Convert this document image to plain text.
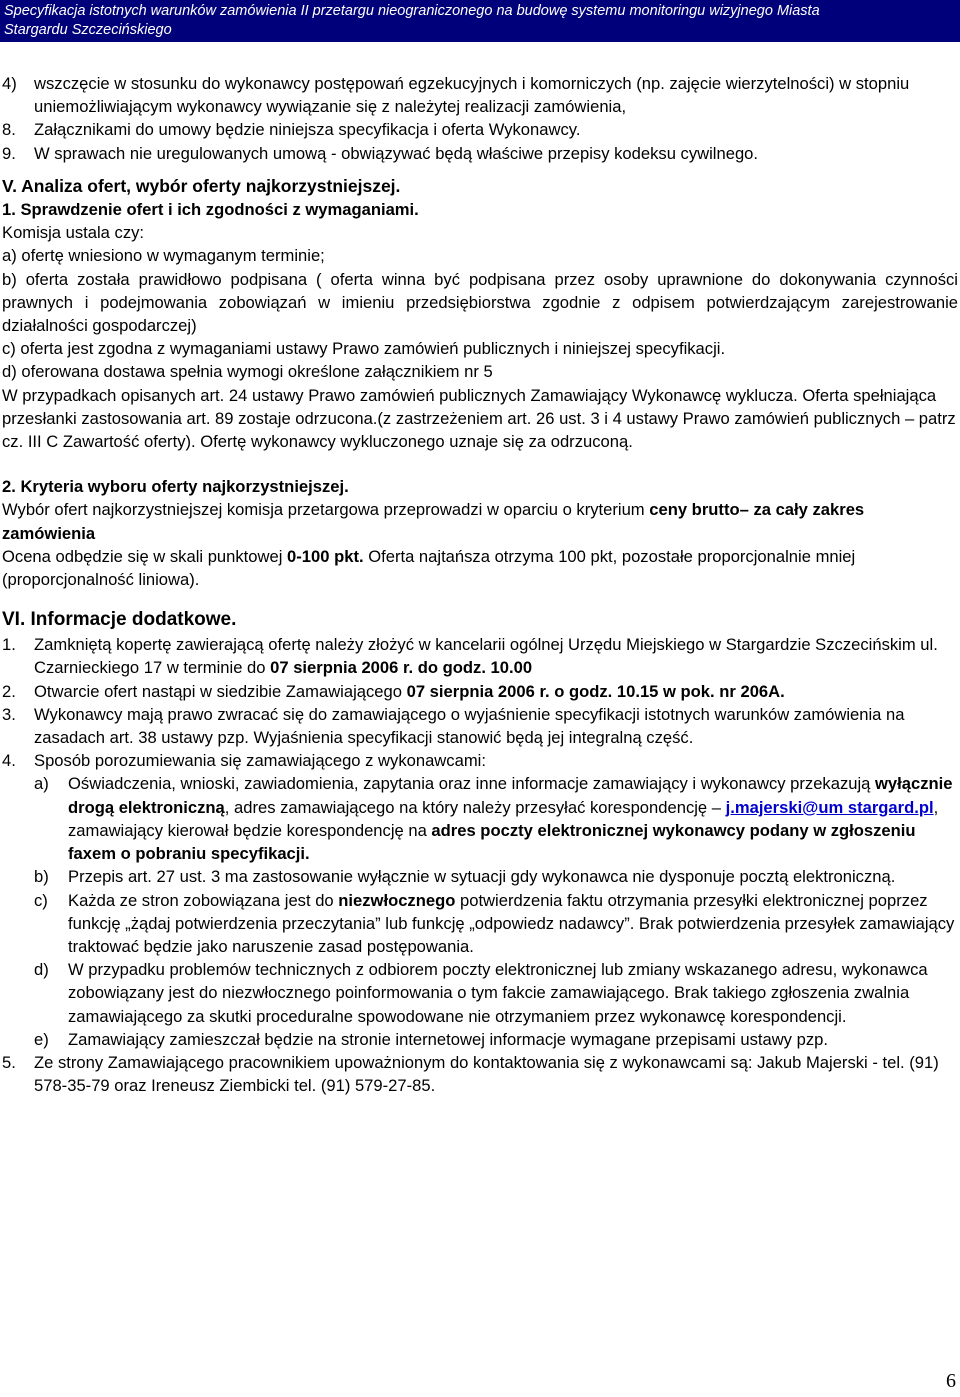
Specyfikacja istotnych warunków zamówienia II przetargu nieograniczonego na budowę systemu monitoringu wizyjnego Miasta
Stargardu Szczecińskiego
4)	wszczęcie w stosunku do wykonawcy postępowań egzekucyjnych i komorniczych (np. zajęcie wierzytelności) w stopniu uniemożliwiającym wykonawcy wywiązanie się z należytej realizacji zamówienia,
8.	Załącznikami do umowy będzie niniejsza specyfikacja i oferta Wykonawcy.
9.	W sprawach nie uregulowanych umową - obwiązywać będą właściwe przepisy kodeksu cywilnego.
V. Analiza ofert, wybór oferty najkorzystniejszej.
1. Sprawdzenie ofert i ich zgodności z wymaganiami.
Komisja ustala czy:
a) ofertę wniesiono w wymaganym terminie;
b) oferta została prawidłowo podpisana ( oferta winna być podpisana przez osoby uprawnione do dokonywania czynności prawnych i podejmowania zobowiązań w imieniu przedsiębiorstwa zgodnie z odpisem potwierdzającym zarejestrowanie działalności gospodarczej)
c) oferta jest zgodna z wymaganiami ustawy Prawo zamówień publicznych i niniejszej specyfikacji.
d) oferowana dostawa spełnia wymogi określone załącznikiem nr 5
W przypadkach opisanych art. 24 ustawy Prawo zamówień publicznych Zamawiający Wykonawcę wyklucza. Oferta spełniająca przesłanki zastosowania art. 89 zostaje odrzucona.(z zastrzeżeniem art. 26 ust. 3 i 4 ustawy Prawo zamówień publicznych – patrz cz. III C Zawartość oferty). Ofertę wykonawcy wykluczonego uznaje się za odrzuconą.
2. Kryteria wyboru oferty najkorzystniejszej.
Wybór ofert najkorzystniejszej komisja przetargowa przeprowadzi w oparciu o kryterium ceny brutto– za cały zakres zamówienia
Ocena odbędzie się w skali punktowej 0-100 pkt. Oferta najtańsza otrzyma 100 pkt, pozostałe proporcjonalnie mniej (proporcjonalność liniowa).
VI. Informacje dodatkowe.
1.	Zamkniętą kopertę zawierającą ofertę należy złożyć w kancelarii ogólnej Urzędu Miejskiego w Stargardzie Szczecińskim ul. Czarnieckiego 17 w terminie do 07 sierpnia 2006 r. do godz. 10.00
2.	Otwarcie ofert nastąpi w siedzibie Zamawiającego 07 sierpnia 2006 r. o godz. 10.15 w pok. nr 206A.
3.	Wykonawcy mają prawo zwracać się do zamawiającego o wyjaśnienie specyfikacji istotnych warunków zamówienia na zasadach art. 38 ustawy pzp. Wyjaśnienia specyfikacji stanowić będą jej integralną część.
4.	Sposób porozumiewania się zamawiającego z wykonawcami:
a)	Oświadczenia, wnioski, zawiadomienia, zapytania oraz inne informacje zamawiający i wykonawcy przekazują wyłącznie drogą elektroniczną, adres zamawiającego na który należy przesyłać korespondencję – j.majerski@um stargard.pl, zamawiający kierował będzie korespondencję na adres poczty elektronicznej wykonawcy podany w zgłoszeniu faxem o pobraniu specyfikacji.
b)	Przepis art. 27 ust. 3 ma zastosowanie wyłącznie w sytuacji gdy wykonawca nie dysponuje pocztą elektroniczną.
c)	Każda ze stron zobowiązana jest do niezwłocznego potwierdzenia faktu otrzymania przesyłki elektronicznej poprzez funkcję „żądaj potwierdzenia przeczytania” lub funkcję „odpowiedz nadawcy”. Brak potwierdzenia przesyłek zamawiający traktować będzie jako naruszenie zasad postępowania.
d)	W przypadku problemów technicznych z odbiorem poczty elektronicznej lub zmiany wskazanego adresu, wykonawca zobowiązany jest do niezwłocznego poinformowania o tym fakcie zamawiającego. Brak takiego zgłoszenia zwalnia zamawiającego za skutki proceduralne spowodowane nie otrzymaniem przez wykonawcę korespondencji.
e)	Zamawiający zamieszczał będzie na stronie internetowej informacje wymagane przepisami ustawy pzp.
5.	Ze strony Zamawiającego pracownikiem upoważnionym do kontaktowania się z wykonawcami są: Jakub Majerski - tel. (91) 578-35-79 oraz Ireneusz Ziembicki tel. (91) 579-27-85.
6
